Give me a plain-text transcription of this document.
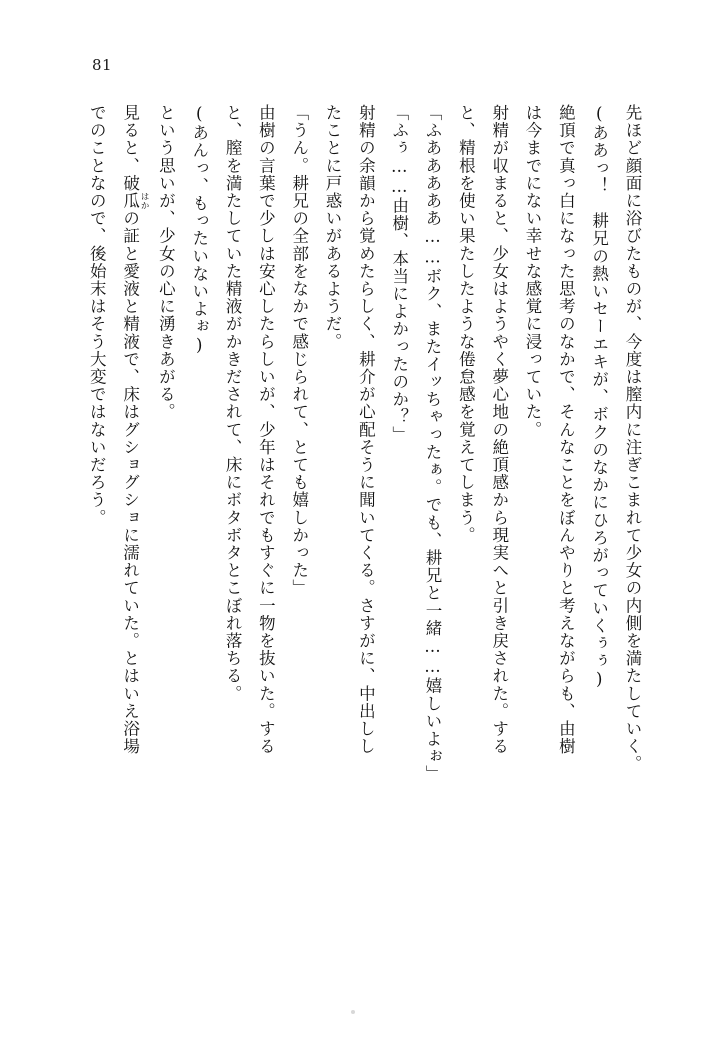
81

先ほど顔面に浴びたものが、今度は膣内に注ぎこまれて少女の内側を満たしていく。

(ああっ！　耕兄の熱いセーエキが、ボクのなかにひろがっていくぅぅ)

絶頂で真っ白になった思考のなかで、そんなことをぼんやりと考えながらも、由樹

は今までにない幸せな感覚に浸っていた。

射精が収まると、少女はようやく夢心地の絶頂感から現実へと引き戻された。する

と、精根を使い果たしたような倦怠感を覚えてしまう。

「ふあああああ……ボク、またイッちゃったぁ。でも、耕兄と一緒……嬉しいよぉ」

「ふぅ……由樹、本当によかったのか？」

射精の余韻から覚めたらしく、耕介が心配そうに聞いてくる。さすがに、中出しし

たことに戸惑いがあるようだ。

「うん。耕兄の全部をなかで感じられて、とても嬉しかった」

由樹の言葉で少しは安心したらしいが、少年はそれでもすぐに一物を抜いた。する

と、膣を満たしていた精液がかきだされて、床にボタボタとこぼれ落ちる。

(あんっ、もったいないよぉ)

という思いが、少女の心に湧きあがる。

見ると、破瓜 はかの証と愛液と精液で、床はグショグショに濡れていた。とはいえ浴場

でのことなので、後始末はそう大変ではないだろう。
